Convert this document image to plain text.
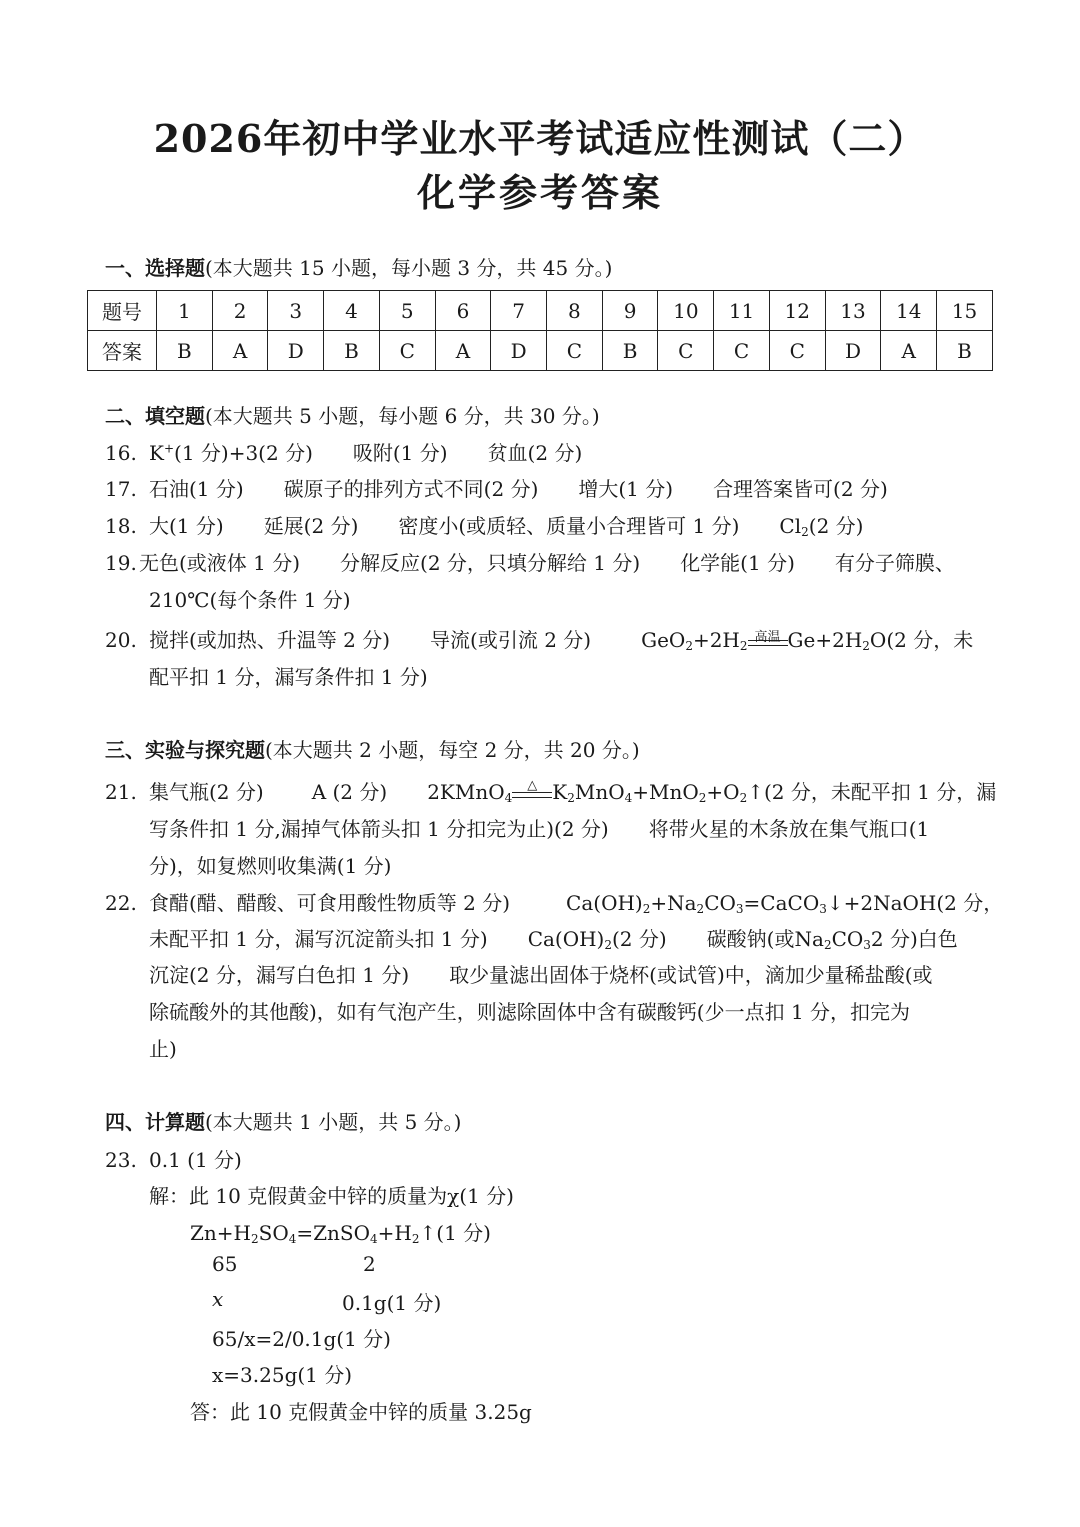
2026年初中学业水平考试适应性测试（二）
化学参考答案
一、选择题(本大题共 15 小题，每小题 3 分，共 45 分。)
题号	1	2	3	4	5	6	7	8	9	10	11	12	13	14	15
答案	B	A	D	B	C	A	D	C	B	C	C	C	D	A	B
二、填空题(本大题共 5 小题，每小题 6 分，共 30 分。)
16. K+(1 分)+3(2 分) 吸附(1 分) 贫血(2 分)
17. 石油(1 分) 碳原子的排列方式不同(2 分) 增大(1 分) 合理答案皆可(2 分)
18. 大(1 分) 延展(2 分) 密度小(或质轻、质量小合理皆可 1 分) $Cl_2(2$ 分)
19. 无色(或液体 1 分) 分解反应(2 分，只填分解给 1 分) 化学能(1 分) 有分子筛膜、
210℃(每个条件 1 分)
20. 搅拌(或加热、升温等 2 分) 导流(或引流 2 分)	$GeO_2+2H_2$
高温 $Ge+2H_2O(2$ 分，未
配平扣 1 分，漏写条件扣 1 分)
三、实验与探究题(本大题共 2 小题，每空 2 分，共 20 分。)
21. 集气瓶(2 分) A (2 分) 2KMnO$_4$
△ $K_2MnO_4+MnO_2+O_2↑(2$ 分，未配平扣 1 分，漏
写条件扣 1 分,漏掉气体箭头扣 1 分扣完为止)(2 分) 将带火星的木条放在集气瓶口(1
分)，如复燃则收集满(1 分)
22. 食醋(醋、醋酸、可食用酸性物质等 2 分)	$Ca(OH)_2+Na_2CO_3=CaCO_3↓+2NaOH(2$ 分，
未配平扣 1 分，漏写沉淀箭头扣 1 分) $Ca(OH)_2(2$ 分) 碳酸钠(或$Na_2CO_32$ 分)白色
沉淀(2 分，漏写白色扣 1 分) 取少量滤出固体于烧杯(或试管)中，滴加少量稀盐酸(或
除硫酸外的其他酸)，如有气泡产生，则滤除固体中含有碳酸钙(少一点扣 1 分，扣完为
止)
四、计算题(本大题共 1 小题，共 5 分。)
23. 0.1 (1 分)
解：此 10 克假黄金中锌的质量为χ(1 分)
$Zn+H_2SO_4=ZnSO_4+H_2↑(1$ 分)
65	2
x	0.1g(1 分)
65/x=2/0.1g(1 分)
x=3.25g(1 分)
答：此 10 克假黄金中锌的质量 3.25g
